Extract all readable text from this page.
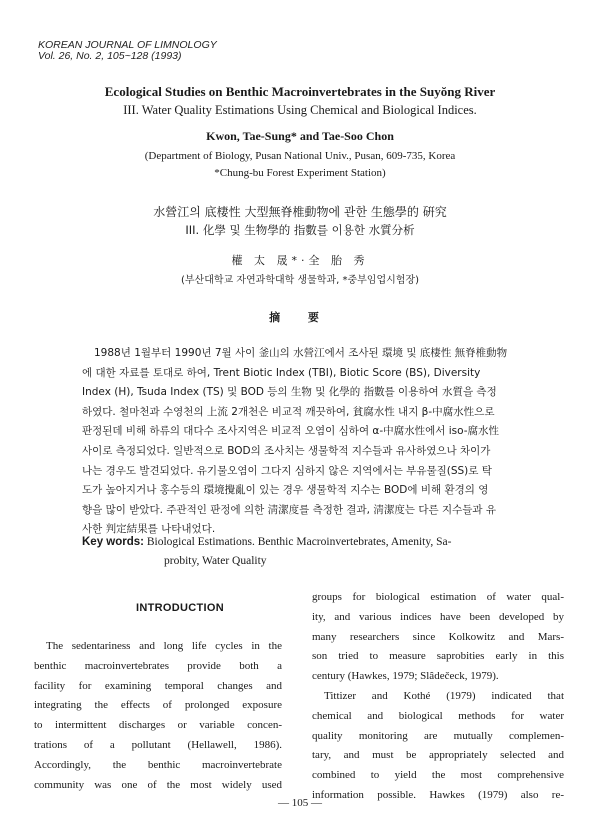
KOREAN JOURNAL OF LIMNOLOGY
Vol. 26, No. 2, 105~128 (1993)
Ecological Studies on Benthic Macroinvertebrates in the Suyŏng River
III. Water Quality Estimations Using Chemical and Biological Indices.
Kwon, Tae-Sung* and Tae-Soo Chon
(Department of Biology, Pusan National Univ., Pusan, 609-735, Korea
*Chung-bu Forest Experiment Station)
水營江의 底棲性 大型無脊椎動物에 관한 生態學的 硏究
III. 化學 및 生物學的 指數를 이용한 水質分析
權 太 晟*·全 胎 秀
(부산대학교 자연과학대학 생물학과, *중부임업시험장)
摘 要
1988년 1월부터 1990년 7월 사이 釜山의 水營江에서 조사된 環境 및 底棲性 無脊椎動物
에 대한 자료를 토대로 하여, Trent Biotic Index (TBI), Biotic Score (BS), Diversity
Index (H), Tsuda Index (TS) 및 BOD 등의 生物 및 化學的 指數를 이용하여 水質을 측정
하였다. 철마천과 수영천의 上流 2개천은 비교적 깨끗하여, 貧腐水性 내지 β-中腐水性으로
판정된데 비해 하류의 대다수 조사지역은 비교적 오염이 심하여 α-中腐水性에서 iso-腐水性
사이로 측정되었다. 일반적으로 BOD의 조사치는 생물학적 지수들과 유사하였으나 차이가
나는 경우도 발견되었다. 유기물오염이 그다지 심하지 않은 지역에서는 부유물질(SS)로 탁
도가 높아지거나 홍수등의 環境攪亂이 있는 경우 생물학적 지수는 BOD에 비해 환경의 영
향을 많이 받았다. 주관적인 판정에 의한 淸潔度를 측정한 결과, 淸潔度는 다른 지수들과 유
사한 判定結果를 나타내었다.
Key words: Biological Estimations. Benthic Macroinvertebrates, Amenity, Sa-
probity, Water Quality
INTRODUCTION
The sedentariness and long life cycles in the
benthic macroinvertebrates provide both a
facility for examining temporal changes and
integrating the effects of prolonged exposure
to intermittent discharges or variable concen-
trations of a pollutant (Hellawell, 1986).
Accordingly, the benthic macroinvertebrate
community was one of the most widely used
groups for biological estimation of water qual-
ity, and various indices have been developed by
many researchers since Kolkowitz and Mars-
son tried to measure saprobities early in this
century (Hawkes, 1979; Slȃdečeck, 1979).
Tittizer and Kothé (1979) indicated that
chemical and biological methods for water
quality monitoring are mutually complemen-
tary, and must be appropriately selected and
combined to yield the most comprehensive
information possible. Hawkes (1979) also re-
— 105 —
